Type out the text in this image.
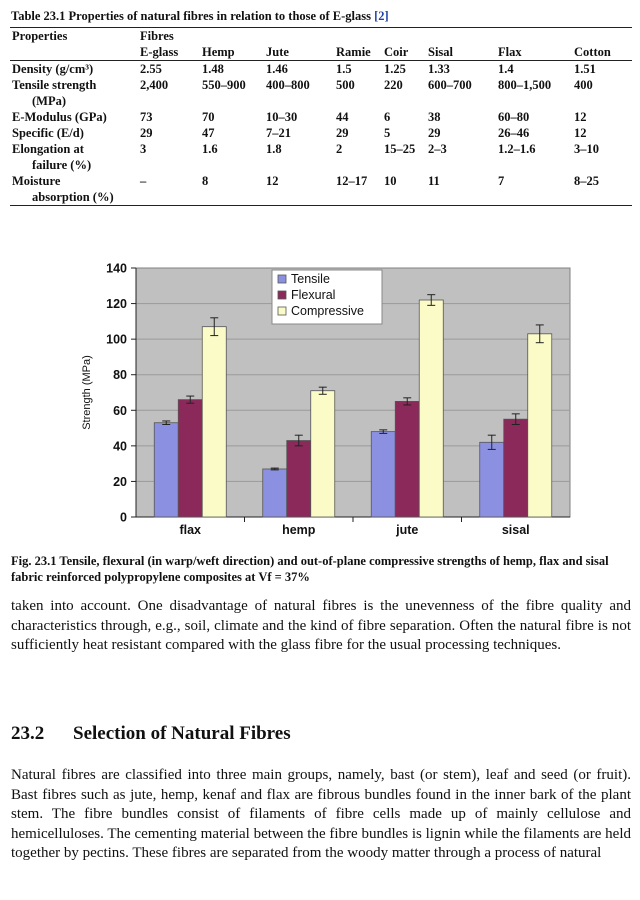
Table 23.1 Properties of natural fibres in relation to those of E-glass [2]
Properties	Fibres							
	E-glass	Hemp	Jute	Ramie	Coir	Sisal	Flax	Cotton
Density (g/cm³)	2.55	1.48	1.46	1.5	1.25	1.33	1.4	1.51
Tensile strength
(MPa)	2,400	550–900	400–800	500	220	600–700	800–1,500	400
E-Modulus (GPa)	73	70	10–30	44	6	38	60–80	12
Specific (E/d)	29	47	7–21	29	5	29	26–46	12
Elongation at
failure (%)	3	1.6	1.8	2	15–25	2–3	1.2–1.6	3–10
Moisture
absorption (%)	–	8	12	12–17	10	11	7	8–25
0
20
40
60
80
100
120
140
Strength (MPa)
flax	hemp	jute	sisal
Tensile
Flexural
Compressive
Fig. 23.1 Tensile, flexural (in warp/weft direction) and out-of-plane compressive strengths of hemp, flax and sisal fabric reinforced polypropylene composites at Vf = 37%
taken into account. One disadvantage of natural fibres is the unevenness of the fibre quality and characteristics through, e.g., soil, climate and the kind of fibre separation. Often the natural fibre is not sufficiently heat resistant compared with the glass fibre for the usual processing techniques.
23.2 Selection of Natural Fibres
Natural fibres are classified into three main groups, namely, bast (or stem), leaf and seed (or fruit). Bast fibres such as jute, hemp, kenaf and flax are fibrous bundles found in the inner bark of the plant stem. The fibre bundles consist of filaments of fibre cells made up of mainly cellulose and hemicelluloses. The cementing material between the fibre bundles is lignin while the filaments are held together by pectins. These fibres are separated from the woody matter through a process of natural
